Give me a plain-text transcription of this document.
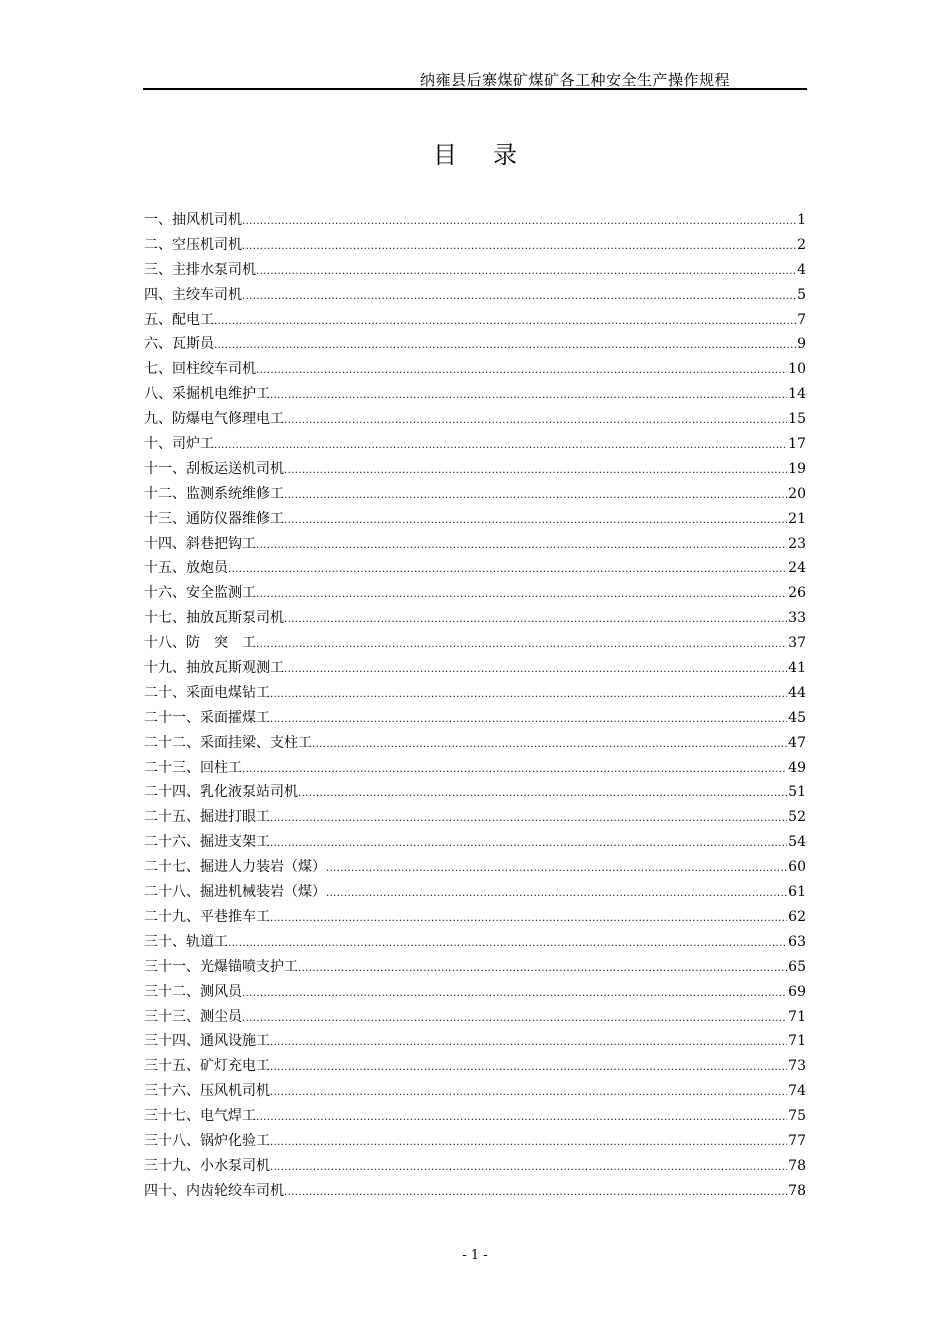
纳雍县后寨煤矿煤矿各工种安全生产操作规程
目录
一、抽风机司机 .....	1
二、空压机司机 .....	2
三、主排水泵司机 .....	4
四、主绞车司机 .....	5
五、配电工 .....	7
六、瓦斯员 .....	9
七、回柱绞车司机 .....	10
八、采掘机电维护工 .....	14
九、防爆电气修理电工 .....	15
十、司炉工 .....	17
十一、刮板运送机司机 .....	19
十二、监测系统维修工 .....	20
十三、通防仪器维修工 .....	21
十四、斜巷把钩工 .....	23
十五、放炮员 .....	24
十六、安全监测工 .....	26
十七、抽放瓦斯泵司机 .....	33
十八、防　突　工 .....	37
十九、抽放瓦斯观测工 .....	41
二十、采面电煤钻工 .....	44
二十一、采面攉煤工 .....	45
二十二、采面挂梁、支柱工 .....	47
二十三、回柱工 .....	49
二十四、乳化液泵站司机 .....	51
二十五、掘进打眼工 .....	52
二十六、掘进支架工 .....	54
二十七、掘进人力装岩（煤） .....	60
二十八、掘进机械装岩（煤） .....	61
二十九、平巷推车工 .....	62
三十、轨道工 .....	63
三十一、光爆锚喷支护工 .....	65
三十二、测风员 .....	69
三十三、测尘员 .....	71
三十四、通风设施工 .....	71
三十五、矿灯充电工 .....	73
三十六、压风机司机 .....	74
三十七、电气焊工 .....	75
三十八、锅炉化验工 .....	77
三十九、小水泵司机 .....	78
四十、内齿轮绞车司机 .....	78
- 1 -
